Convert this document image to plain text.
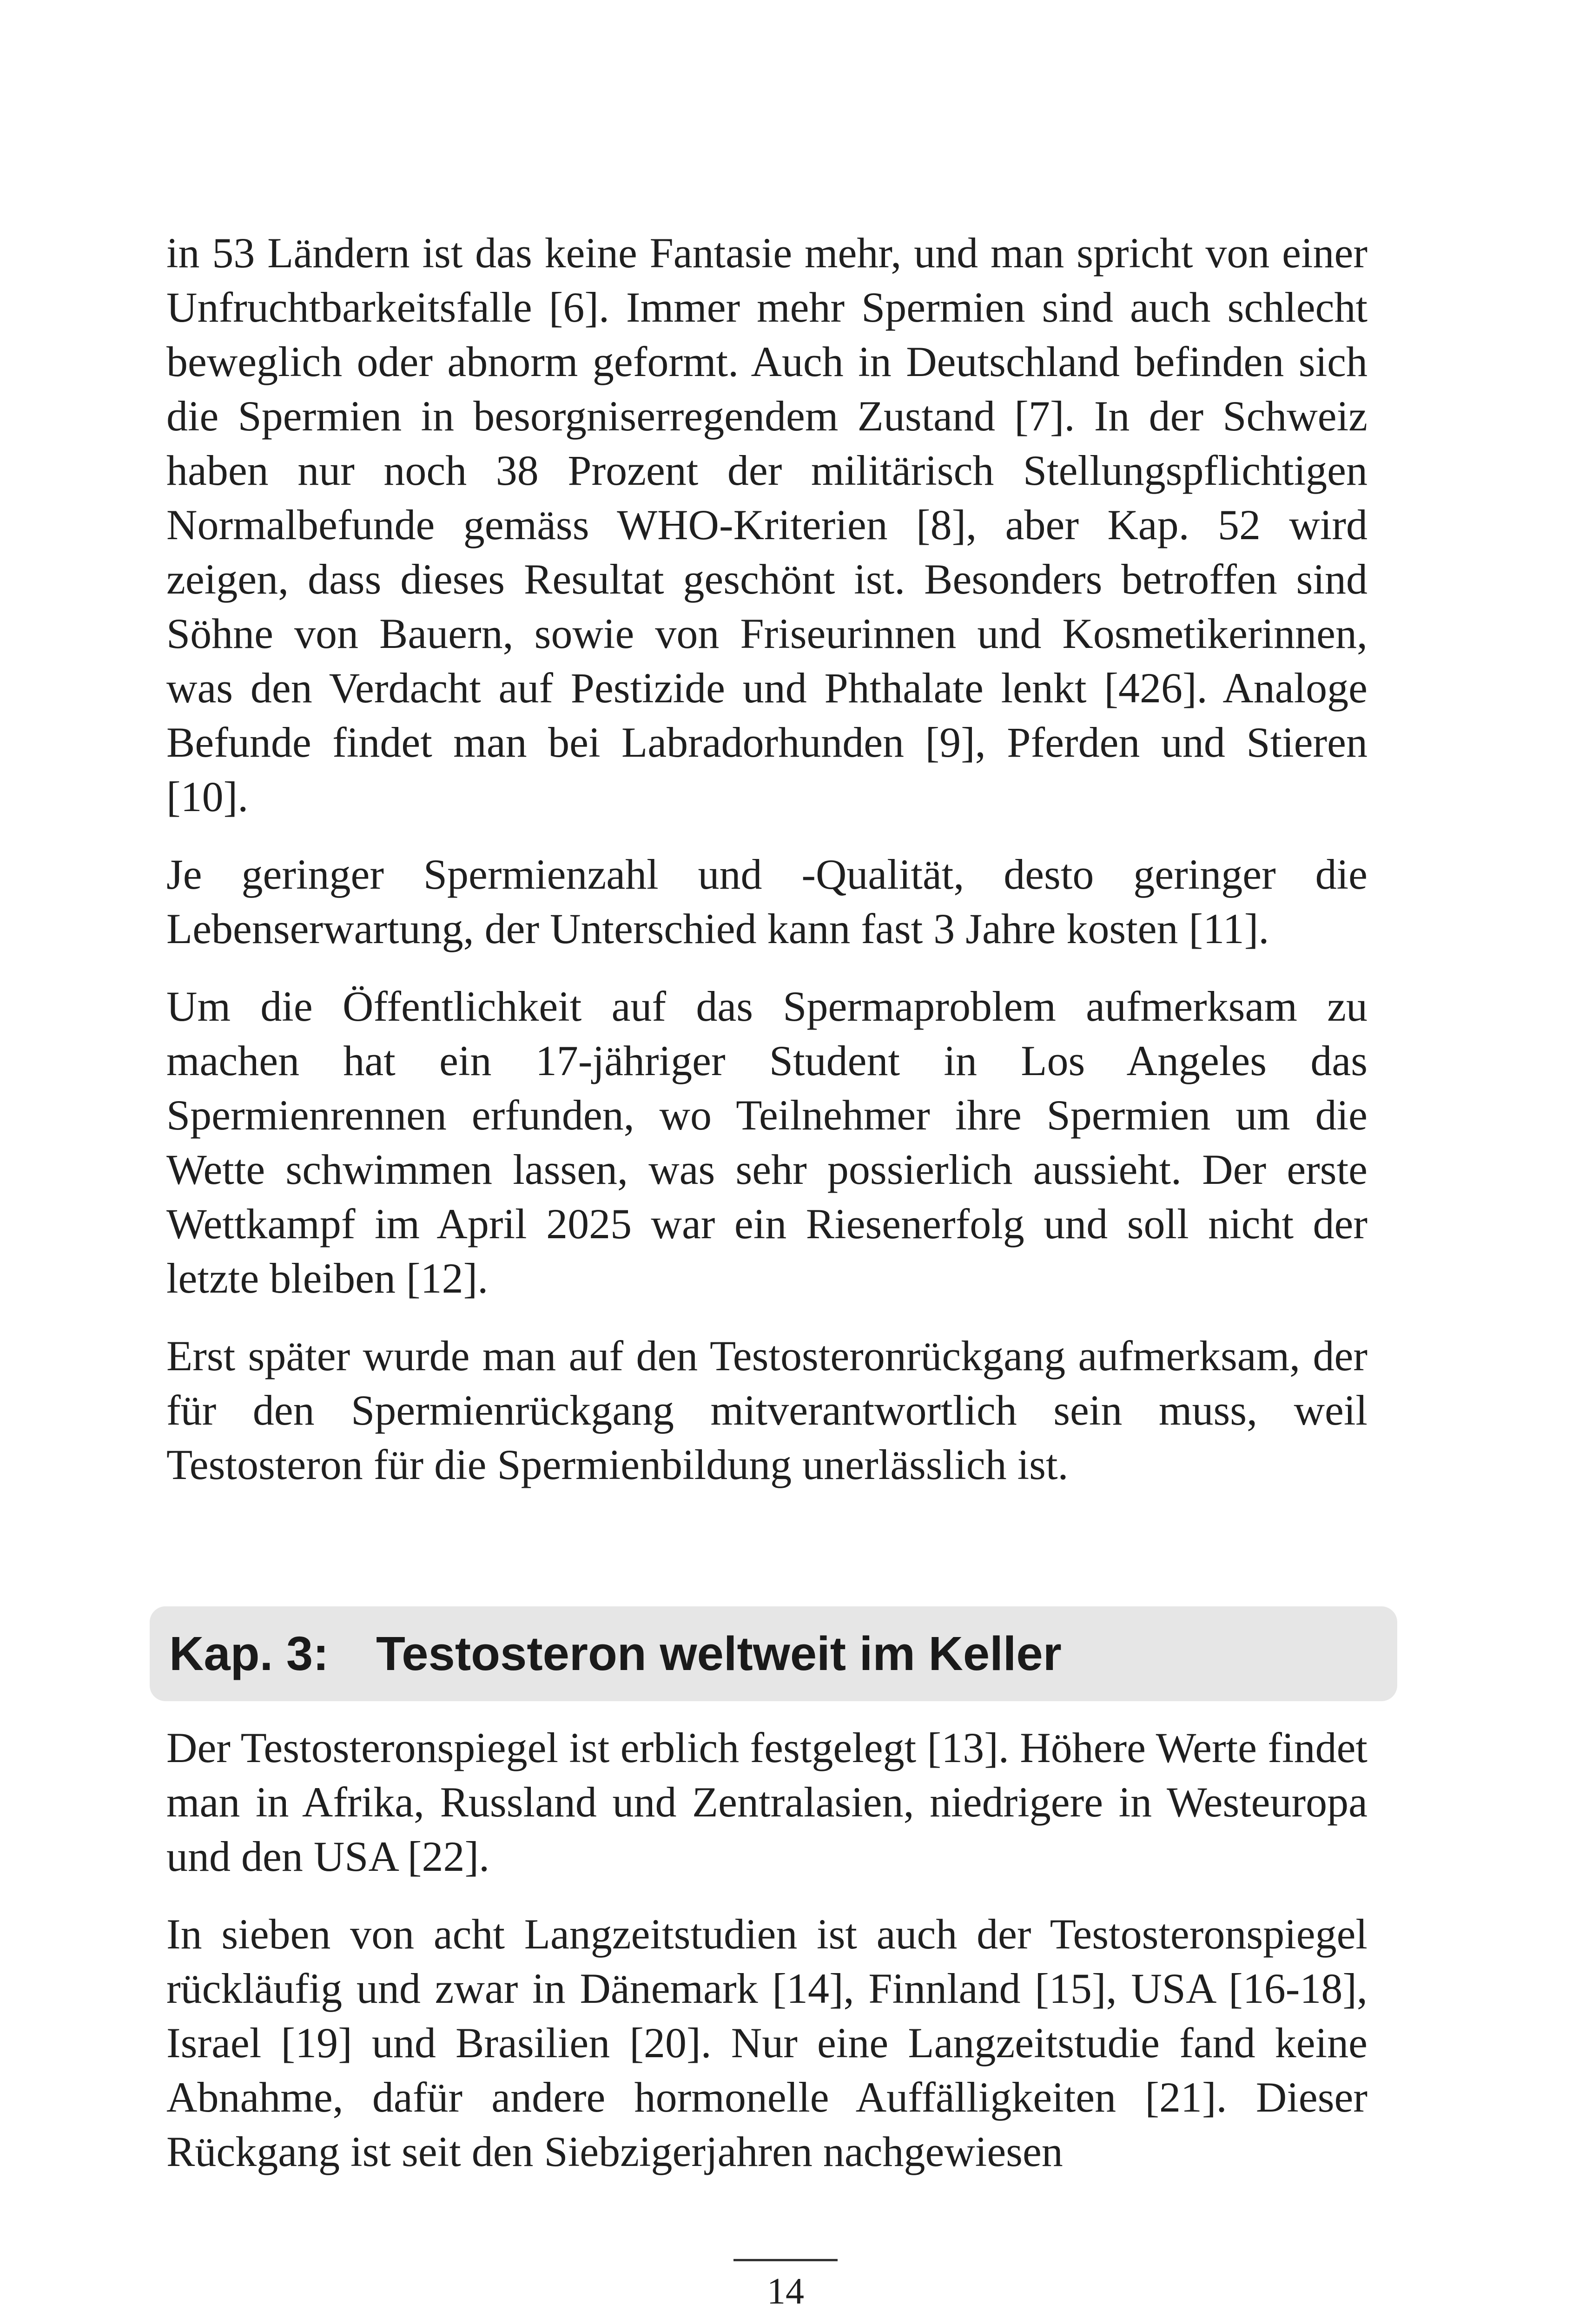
in 53 Ländern ist das keine Fantasie mehr, und man spricht von einer Unfruchtbarkeitsfalle [6]. Immer mehr Spermien sind auch schlecht beweglich oder abnorm geformt. Auch in Deutschland befinden sich die Spermien in besorgniserregendem Zustand [7]. In der Schweiz haben nur noch 38 Prozent der militärisch Stellungspflichtigen Normalbefunde gemäss WHO-Kriterien [8], aber Kap. 52 wird zeigen, dass dieses Resultat geschönt ist. Besonders betroffen sind Söhne von Bauern, sowie von Friseurinnen und Kosmetikerinnen, was den Verdacht auf Pestizide und Phthalate lenkt [426]. Analoge Befunde findet man bei Labradorhunden [9], Pferden und Stieren [10].

Je geringer Spermienzahl und -Qualität, desto geringer die Lebenserwartung, der Unterschied kann fast 3 Jahre kosten [11].

Um die Öffentlichkeit auf das Spermaproblem aufmerksam zu machen hat ein 17-jähriger Student in Los Angeles das Spermienrennen erfunden, wo Teilnehmer ihre Spermien um die Wette schwimmen lassen, was sehr possierlich aussieht. Der erste Wettkampf im April 2025 war ein Riesenerfolg und soll nicht der letzte bleiben [12].

Erst später wurde man auf den Testosteronrückgang aufmerksam, der für den Spermienrückgang mitverantwortlich sein muss, weil Testosteron für die Spermienbildung unerlässlich ist.

Kap. 3: Testosteron weltweit im Keller

Der Testosteronspiegel ist erblich festgelegt [13]. Höhere Werte findet man in Afrika, Russland und Zentralasien, niedrigere in Westeuropa und den USA [22].

In sieben von acht Langzeitstudien ist auch der Testosteronspiegel rückläufig und zwar in Dänemark [14], Finnland [15], USA [16-18], Israel [19] und Brasilien [20]. Nur eine Langzeitstudie fand keine Abnahme, dafür andere hormonelle Auffälligkeiten [21]. Dieser Rückgang ist seit den Siebzigerjahren nachgewiesen

14
